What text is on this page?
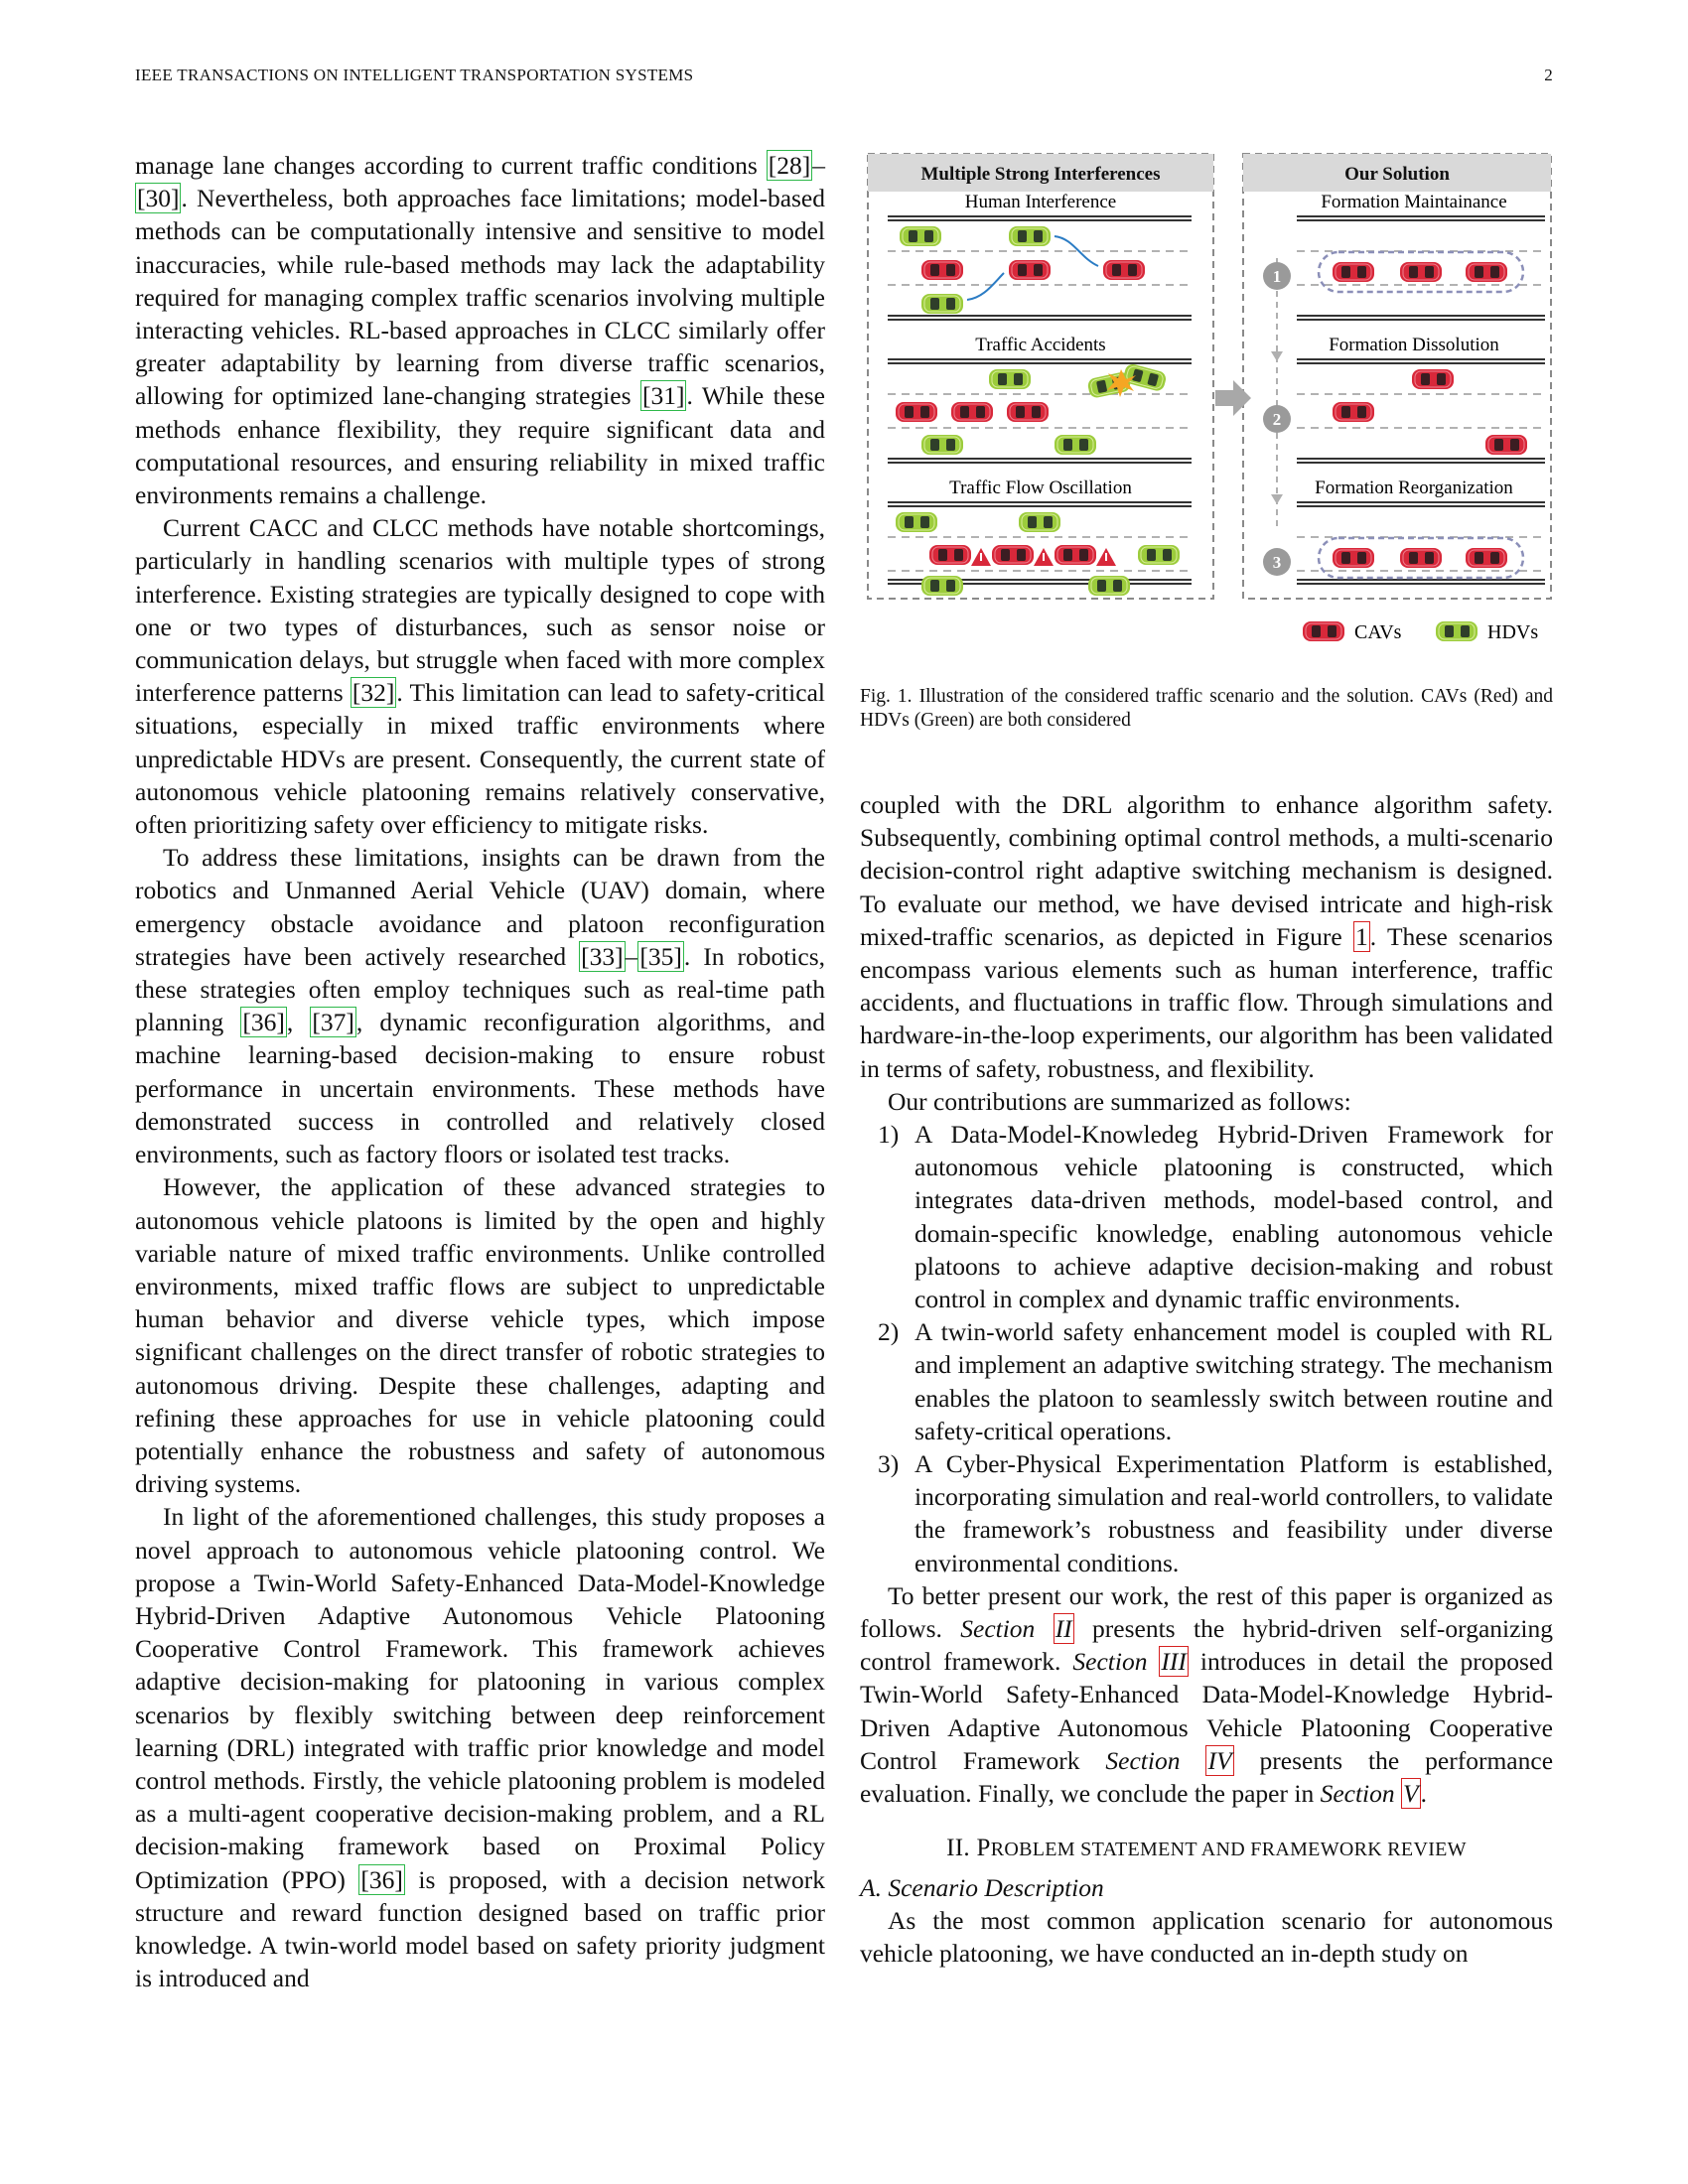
IEEE TRANSACTIONS ON INTELLIGENT TRANSPORTATION SYSTEMS	2

manage lane changes according to current traffic conditions [28]–[30]. Nevertheless, both approaches face limitations; model-based methods can be computationally intensive and sensitive to model inaccuracies, while rule-based methods may lack the adaptability required for managing complex traffic scenarios involving multiple interacting vehicles. RL-based approaches in CLCC similarly offer greater adaptability by learning from diverse traffic scenarios, allowing for optimized lane-changing strategies [31]. While these methods enhance flexibility, they require significant data and computational resources, and ensuring reliability in mixed traffic environments remains a challenge.

Current CACC and CLCC methods have notable shortcomings, particularly in handling scenarios with multiple types of strong interference. Existing strategies are typically designed to cope with one or two types of disturbances, such as sensor noise or communication delays, but struggle when faced with more complex interference patterns [32]. This limitation can lead to safety-critical situations, especially in mixed traffic environments where unpredictable HDVs are present. Consequently, the current state of autonomous vehicle platooning remains relatively conservative, often prioritizing safety over efficiency to mitigate risks.

To address these limitations, insights can be drawn from the robotics and Unmanned Aerial Vehicle (UAV) domain, where emergency obstacle avoidance and platoon reconfiguration strategies have been actively researched [33]–[35]. In robotics, these strategies often employ techniques such as real-time path planning [36], [37], dynamic reconfiguration algorithms, and machine learning-based decision-making to ensure robust performance in uncertain environments. These methods have demonstrated success in controlled and relatively closed environments, such as factory floors or isolated test tracks.

However, the application of these advanced strategies to autonomous vehicle platoons is limited by the open and highly variable nature of mixed traffic environments. Unlike controlled environments, mixed traffic flows are subject to unpredictable human behavior and diverse vehicle types, which impose significant challenges on the direct transfer of robotic strategies to autonomous driving. Despite these challenges, adapting and refining these approaches for use in vehicle platooning could potentially enhance the robustness and safety of autonomous driving systems.

In light of the aforementioned challenges, this study proposes a novel approach to autonomous vehicle platooning control. We propose a Twin-World Safety-Enhanced Data-Model-Knowledge Hybrid-Driven Adaptive Autonomous Vehicle Platooning Cooperative Control Framework. This framework achieves adaptive decision-making for platooning in various complex scenarios by flexibly switching between deep reinforcement learning (DRL) integrated with traffic prior knowledge and model control methods. Firstly, the vehicle platooning problem is modeled as a multi-agent cooperative decision-making problem, and a RL decision-making framework based on Proximal Policy Optimization (PPO) [36] is proposed, with a decision network structure and reward function designed based on traffic prior knowledge. A twin-world model based on safety priority judgment is introduced and

Multiple Strong Interferences	Our Solution
Human Interference
Traffic Accidents
Traffic Flow Oscillation
1
2
3
Formation Maintainance
Formation Dissolution
Formation Reorganization
CAVs	HDVs
Fig. 1. Illustration of the considered traffic scenario and the solution. CAVs (Red) and HDVs (Green) are both considered

coupled with the DRL algorithm to enhance algorithm safety. Subsequently, combining optimal control methods, a multi-scenario decision-control right adaptive switching mechanism is designed. To evaluate our method, we have devised intricate and high-risk mixed-traffic scenarios, as depicted in Figure 1. These scenarios encompass various elements such as human interference, traffic accidents, and fluctuations in traffic flow. Through simulations and hardware-in-the-loop experiments, our algorithm has been validated in terms of safety, robustness, and flexibility.

Our contributions are summarized as follows:

1) A Data-Model-Knowledeg Hybrid-Driven Framework for autonomous vehicle platooning is constructed, which integrates data-driven methods, model-based control, and domain-specific knowledge, enabling autonomous vehicle platoons to achieve adaptive decision-making and robust control in complex and dynamic traffic environments.
2) A twin-world safety enhancement model is coupled with RL and implement an adaptive switching strategy. The mechanism enables the platoon to seamlessly switch between routine and safety-critical operations.
3) A Cyber-Physical Experimentation Platform is established, incorporating simulation and real-world controllers, to validate the framework’s robustness and feasibility under diverse environmental conditions.

To better present our work, the rest of this paper is organized as follows. Section II presents the hybrid-driven self-organizing control framework. Section III introduces in detail the proposed Twin-World Safety-Enhanced Data-Model-Knowledge Hybrid-Driven Adaptive Autonomous Vehicle Platooning Cooperative Control Framework Section IV presents the performance evaluation. Finally, we conclude the paper in Section V.

II. PROBLEM STATEMENT AND FRAMEWORK REVIEW
A. Scenario Description

As the most common application scenario for autonomous vehicle platooning, we have conducted an in-depth study on
